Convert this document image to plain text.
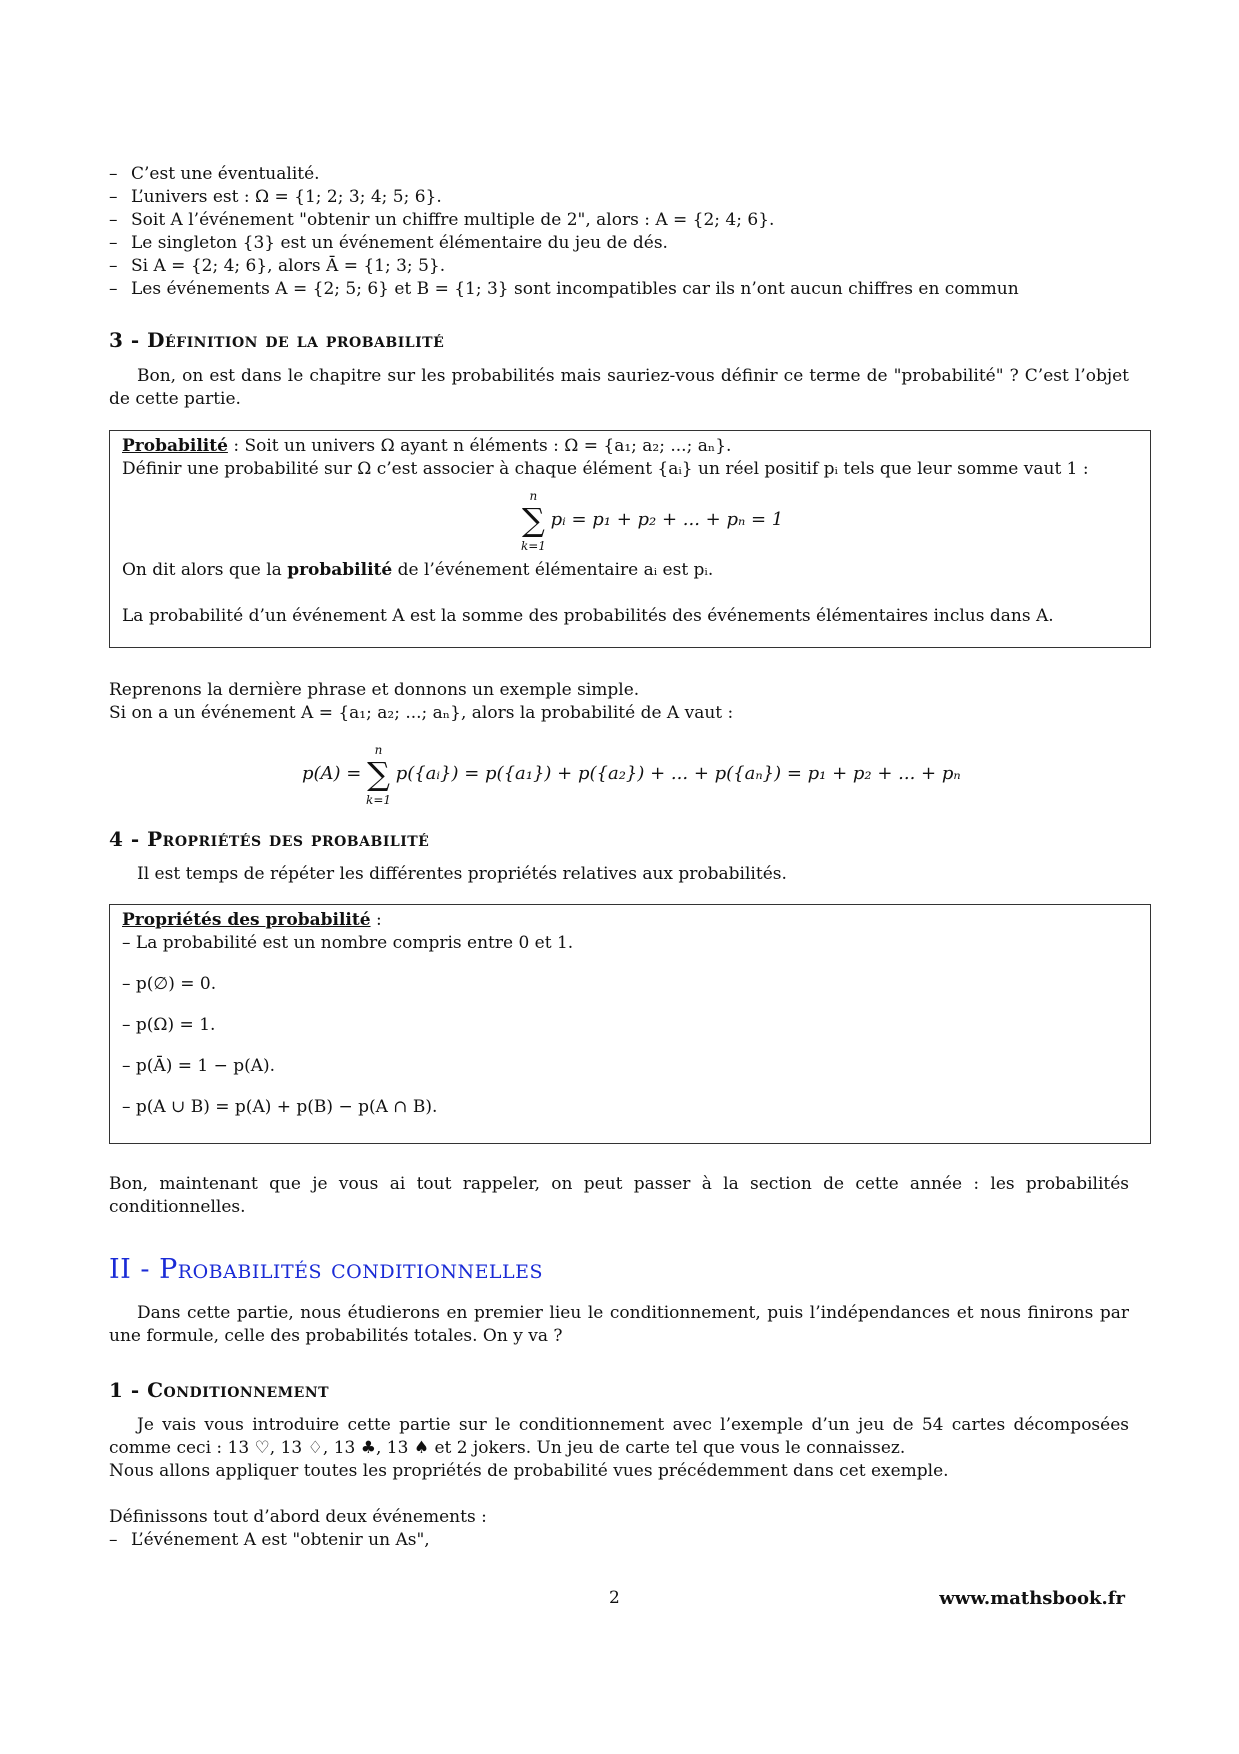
– C’est une éventualité.
– L’univers est : Ω = {1; 2; 3; 4; 5; 6}.
– Soit A l’événement "obtenir un chiffre multiple de 2", alors : A = {2; 4; 6}.
– Le singleton {3} est un événement élémentaire du jeu de dés.
– Si A = {2; 4; 6}, alors Ā = {1; 3; 5}.
– Les événements A = {2; 5; 6} et B = {1; 3} sont incompatibles car ils n’ont aucun chiffres en commun
3 - Définition de la probabilité
Bon, on est dans le chapitre sur les probabilités mais sauriez-vous définir ce terme de "probabilité" ? C’est l’objet de cette partie.
Probabilité : Soit un univers Ω ayant n éléments : Ω = {a₁; a₂; ...; aₙ}.
Définir une probabilité sur Ω c’est associer à chaque élément {aᵢ} un réel positif pᵢ tels que leur somme vaut 1 :
∑
n
k=1
pᵢ = p₁ + p₂ + ... + pₙ = 1
On dit alors que la probabilité de l’événement élémentaire aᵢ est pᵢ.
La probabilité d’un événement A est la somme des probabilités des événements élémentaires inclus dans A.
Reprenons la dernière phrase et donnons un exemple simple.
Si on a un événement A = {a₁; a₂; ...; aₙ}, alors la probabilité de A vaut :
p(A) = ∑
n
k=1
p({aᵢ}) = p({a₁}) + p({a₂}) + ... + p({aₙ}) = p₁ + p₂ + ... + pₙ
4 - Propriétés des probabilité
Il est temps de répéter les différentes propriétés relatives aux probabilités.
Propriétés des probabilité :
– La probabilité est un nombre compris entre 0 et 1.
– p(∅) = 0.
– p(Ω) = 1.
– p(Ā) = 1 − p(A).
– p(A ∪ B) = p(A) + p(B) − p(A ∩ B).
Bon, maintenant que je vous ai tout rappeler, on peut passer à la section de cette année : les probabilités conditionnelles.
II - Probabilités conditionnelles
Dans cette partie, nous étudierons en premier lieu le conditionnement, puis l’indépendances et nous finirons par une formule, celle des probabilités totales. On y va ?
1 - Conditionnement
Je vais vous introduire cette partie sur le conditionnement avec l’exemple d’un jeu de 54 cartes décomposées comme ceci : 13 ♡, 13 ♢, 13 ♣, 13 ♠ et 2 jokers. Un jeu de carte tel que vous le connaissez.
Nous allons appliquer toutes les propriétés de probabilité vues précédemment dans cet exemple.
Définissons tout d’abord deux événements :
– L’événement A est "obtenir un As",
2	www.mathsbook.fr
